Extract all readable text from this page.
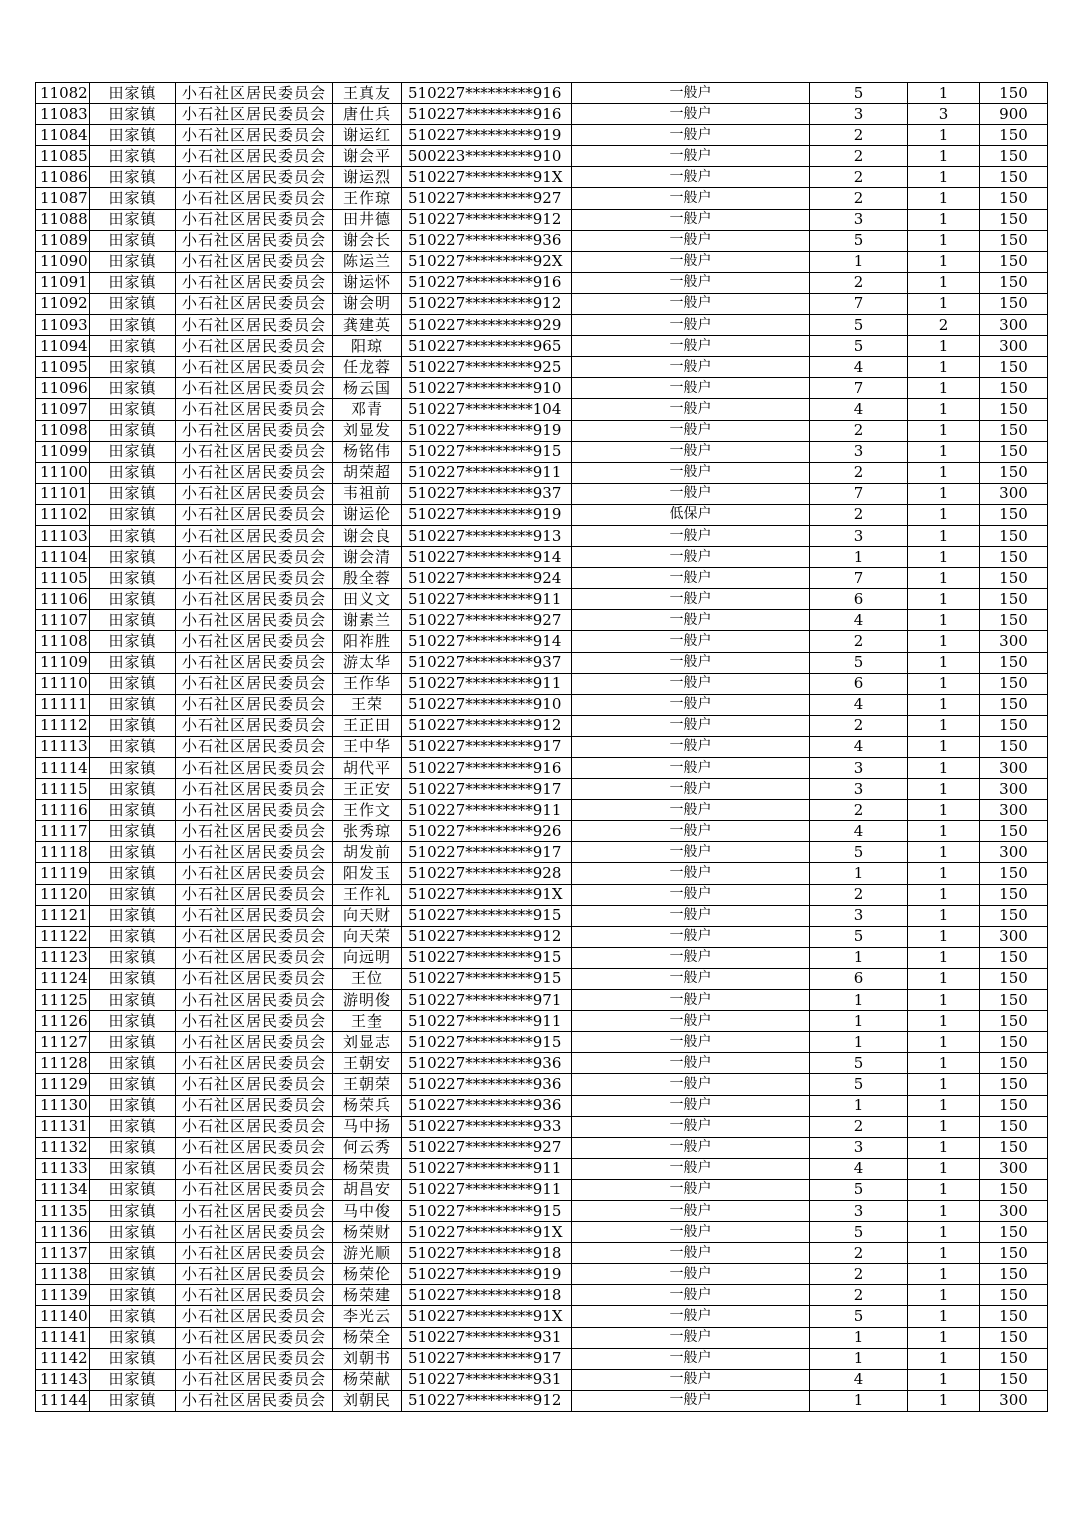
11082	田家镇	小石社区居民委员会	王真友	510227*********916	一般户	5	1	150
11083	田家镇	小石社区居民委员会	唐仕兵	510227*********916	一般户	3	3	900
11084	田家镇	小石社区居民委员会	谢运红	510227*********919	一般户	2	1	150
11085	田家镇	小石社区居民委员会	谢会平	500223*********910	一般户	2	1	150
11086	田家镇	小石社区居民委员会	谢运烈	510227*********91X	一般户	2	1	150
11087	田家镇	小石社区居民委员会	王作琼	510227*********927	一般户	2	1	150
11088	田家镇	小石社区居民委员会	田井德	510227*********912	一般户	3	1	150
11089	田家镇	小石社区居民委员会	谢会长	510227*********936	一般户	5	1	150
11090	田家镇	小石社区居民委员会	陈运兰	510227*********92X	一般户	1	1	150
11091	田家镇	小石社区居民委员会	谢运怀	510227*********916	一般户	2	1	150
11092	田家镇	小石社区居民委员会	谢会明	510227*********912	一般户	7	1	150
11093	田家镇	小石社区居民委员会	龚建英	510227*********929	一般户	5	2	300
11094	田家镇	小石社区居民委员会	阳琼	510227*********965	一般户	5	1	300
11095	田家镇	小石社区居民委员会	任龙蓉	510227*********925	一般户	4	1	150
11096	田家镇	小石社区居民委员会	杨云国	510227*********910	一般户	7	1	150
11097	田家镇	小石社区居民委员会	邓青	510227*********104	一般户	4	1	150
11098	田家镇	小石社区居民委员会	刘显发	510227*********919	一般户	2	1	150
11099	田家镇	小石社区居民委员会	杨铭伟	510227*********915	一般户	3	1	150
11100	田家镇	小石社区居民委员会	胡荣超	510227*********911	一般户	2	1	150
11101	田家镇	小石社区居民委员会	韦祖前	510227*********937	一般户	7	1	300
11102	田家镇	小石社区居民委员会	谢运伦	510227*********919	低保户	2	1	150
11103	田家镇	小石社区居民委员会	谢会良	510227*********913	一般户	3	1	150
11104	田家镇	小石社区居民委员会	谢会清	510227*********914	一般户	1	1	150
11105	田家镇	小石社区居民委员会	殷全蓉	510227*********924	一般户	7	1	150
11106	田家镇	小石社区居民委员会	田义文	510227*********911	一般户	6	1	150
11107	田家镇	小石社区居民委员会	谢素兰	510227*********927	一般户	4	1	150
11108	田家镇	小石社区居民委员会	阳祚胜	510227*********914	一般户	2	1	300
11109	田家镇	小石社区居民委员会	游太华	510227*********937	一般户	5	1	150
11110	田家镇	小石社区居民委员会	王作华	510227*********911	一般户	6	1	150
11111	田家镇	小石社区居民委员会	王荣	510227*********910	一般户	4	1	150
11112	田家镇	小石社区居民委员会	王正田	510227*********912	一般户	2	1	150
11113	田家镇	小石社区居民委员会	王中华	510227*********917	一般户	4	1	150
11114	田家镇	小石社区居民委员会	胡代平	510227*********916	一般户	3	1	300
11115	田家镇	小石社区居民委员会	王正安	510227*********917	一般户	3	1	300
11116	田家镇	小石社区居民委员会	王作文	510227*********911	一般户	2	1	300
11117	田家镇	小石社区居民委员会	张秀琼	510227*********926	一般户	4	1	150
11118	田家镇	小石社区居民委员会	胡发前	510227*********917	一般户	5	1	300
11119	田家镇	小石社区居民委员会	阳发玉	510227*********928	一般户	1	1	150
11120	田家镇	小石社区居民委员会	王作礼	510227*********91X	一般户	2	1	150
11121	田家镇	小石社区居民委员会	向天财	510227*********915	一般户	3	1	150
11122	田家镇	小石社区居民委员会	向天荣	510227*********912	一般户	5	1	300
11123	田家镇	小石社区居民委员会	向远明	510227*********915	一般户	1	1	150
11124	田家镇	小石社区居民委员会	王位	510227*********915	一般户	6	1	150
11125	田家镇	小石社区居民委员会	游明俊	510227*********971	一般户	1	1	150
11126	田家镇	小石社区居民委员会	王奎	510227*********911	一般户	1	1	150
11127	田家镇	小石社区居民委员会	刘显志	510227*********915	一般户	1	1	150
11128	田家镇	小石社区居民委员会	王朝安	510227*********936	一般户	5	1	150
11129	田家镇	小石社区居民委员会	王朝荣	510227*********936	一般户	5	1	150
11130	田家镇	小石社区居民委员会	杨荣兵	510227*********936	一般户	1	1	150
11131	田家镇	小石社区居民委员会	马中扬	510227*********933	一般户	2	1	150
11132	田家镇	小石社区居民委员会	何云秀	510227*********927	一般户	3	1	150
11133	田家镇	小石社区居民委员会	杨荣贵	510227*********911	一般户	4	1	300
11134	田家镇	小石社区居民委员会	胡昌安	510227*********911	一般户	5	1	150
11135	田家镇	小石社区居民委员会	马中俊	510227*********915	一般户	3	1	300
11136	田家镇	小石社区居民委员会	杨荣财	510227*********91X	一般户	5	1	150
11137	田家镇	小石社区居民委员会	游光顺	510227*********918	一般户	2	1	150
11138	田家镇	小石社区居民委员会	杨荣伦	510227*********919	一般户	2	1	150
11139	田家镇	小石社区居民委员会	杨荣建	510227*********918	一般户	2	1	150
11140	田家镇	小石社区居民委员会	李光云	510227*********91X	一般户	5	1	150
11141	田家镇	小石社区居民委员会	杨荣全	510227*********931	一般户	1	1	150
11142	田家镇	小石社区居民委员会	刘朝书	510227*********917	一般户	1	1	150
11143	田家镇	小石社区居民委员会	杨荣献	510227*********931	一般户	4	1	150
11144	田家镇	小石社区居民委员会	刘朝民	510227*********912	一般户	1	1	300
